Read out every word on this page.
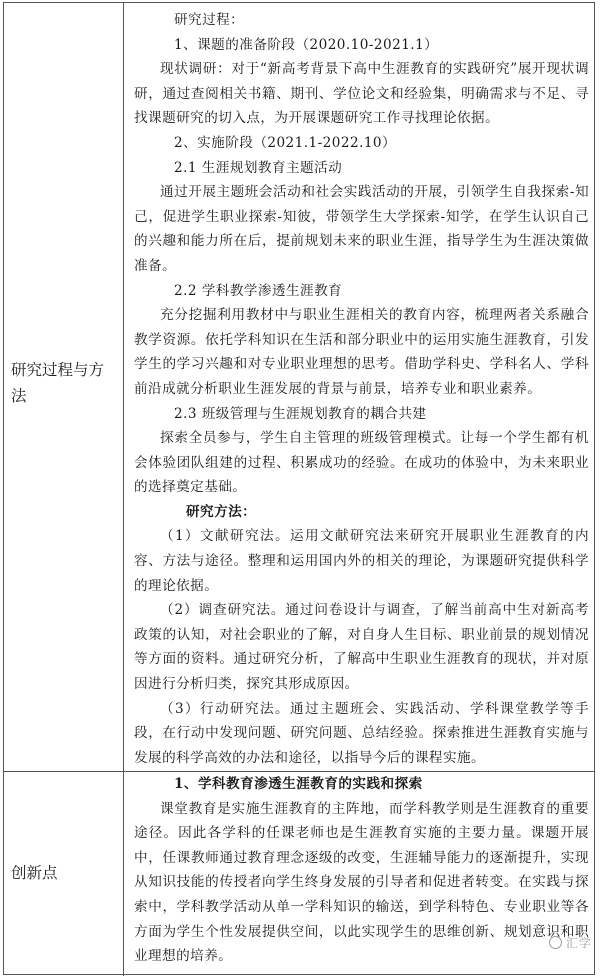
研究过程与方法

研究过程：

1、课题的准备阶段（2020.10-2021.1）

现状调研：对于“新高考背景下高中生涯教育的实践研究”展开现状调研，通过查阅相关书籍、期刊、学位论文和经验集，明确需求与不足、寻找课题研究的切入点，为开展课题研究工作寻找理论依据。

2、实施阶段（2021.1-2022.10）

2.1 生涯规划教育主题活动

通过开展主题班会活动和社会实践活动的开展，引领学生自我探索-知己，促进学生职业探索-知彼，带领学生大学探索-知学，在学生认识自己的兴趣和能力所在后，提前规划未来的职业生涯，指导学生为生涯决策做准备。

2.2 学科教学渗透生涯教育

充分挖掘利用教材中与职业生涯相关的教育内容，梳理两者关系融合教学资源。依托学科知识在生活和部分职业中的运用实施生涯教育，引发学生的学习兴趣和对专业职业理想的思考。借助学科史、学科名人、学科前沿成就分析职业生涯发展的背景与前景，培养专业和职业素养。

2.3 班级管理与生涯规划教育的耦合共建

探索全员参与，学生自主管理的班级管理模式。让每一个学生都有机会体验团队组建的过程、积累成功的经验。在成功的体验中，为未来职业的选择奠定基础。

研究方法：

（1）文献研究法。运用文献研究法来研究开展职业生涯教育的内容、方法与途径。整理和运用国内外的相关的理论，为课题研究提供科学的理论依据。

（2）调查研究法。通过问卷设计与调查，了解当前高中生对新高考政策的认知，对社会职业的了解，对自身人生目标、职业前景的规划情况等方面的资料。通过研究分析，了解高中生职业生涯教育的现状，并对原因进行分析归类，探究其形成原因。

（3）行动研究法。通过主题班会、实践活动、学科课堂教学等手段，在行动中发现问题、研究问题、总结经验。探索推进生涯教育实施与发展的科学高效的办法和途径，以指导今后的课程实施。

创新点

1、学科教育渗透生涯教育的实践和探索

课堂教育是实施生涯教育的主阵地，而学科教学则是生涯教育的重要途径。因此各学科的任课老师也是生涯教育实施的主要力量。课题开展中，任课教师通过教育理念逐级的改变，生涯辅导能力的逐渐提升，实现从知识技能的传授者向学生终身发展的引导者和促进者转变。在实践与探索中，学科教学活动从单一学科知识的输送，到学科特色、专业职业等各方面为学生个性发展提供空间，以此实现学生的思维创新、规划意识和职业理想的培养。

汇学
